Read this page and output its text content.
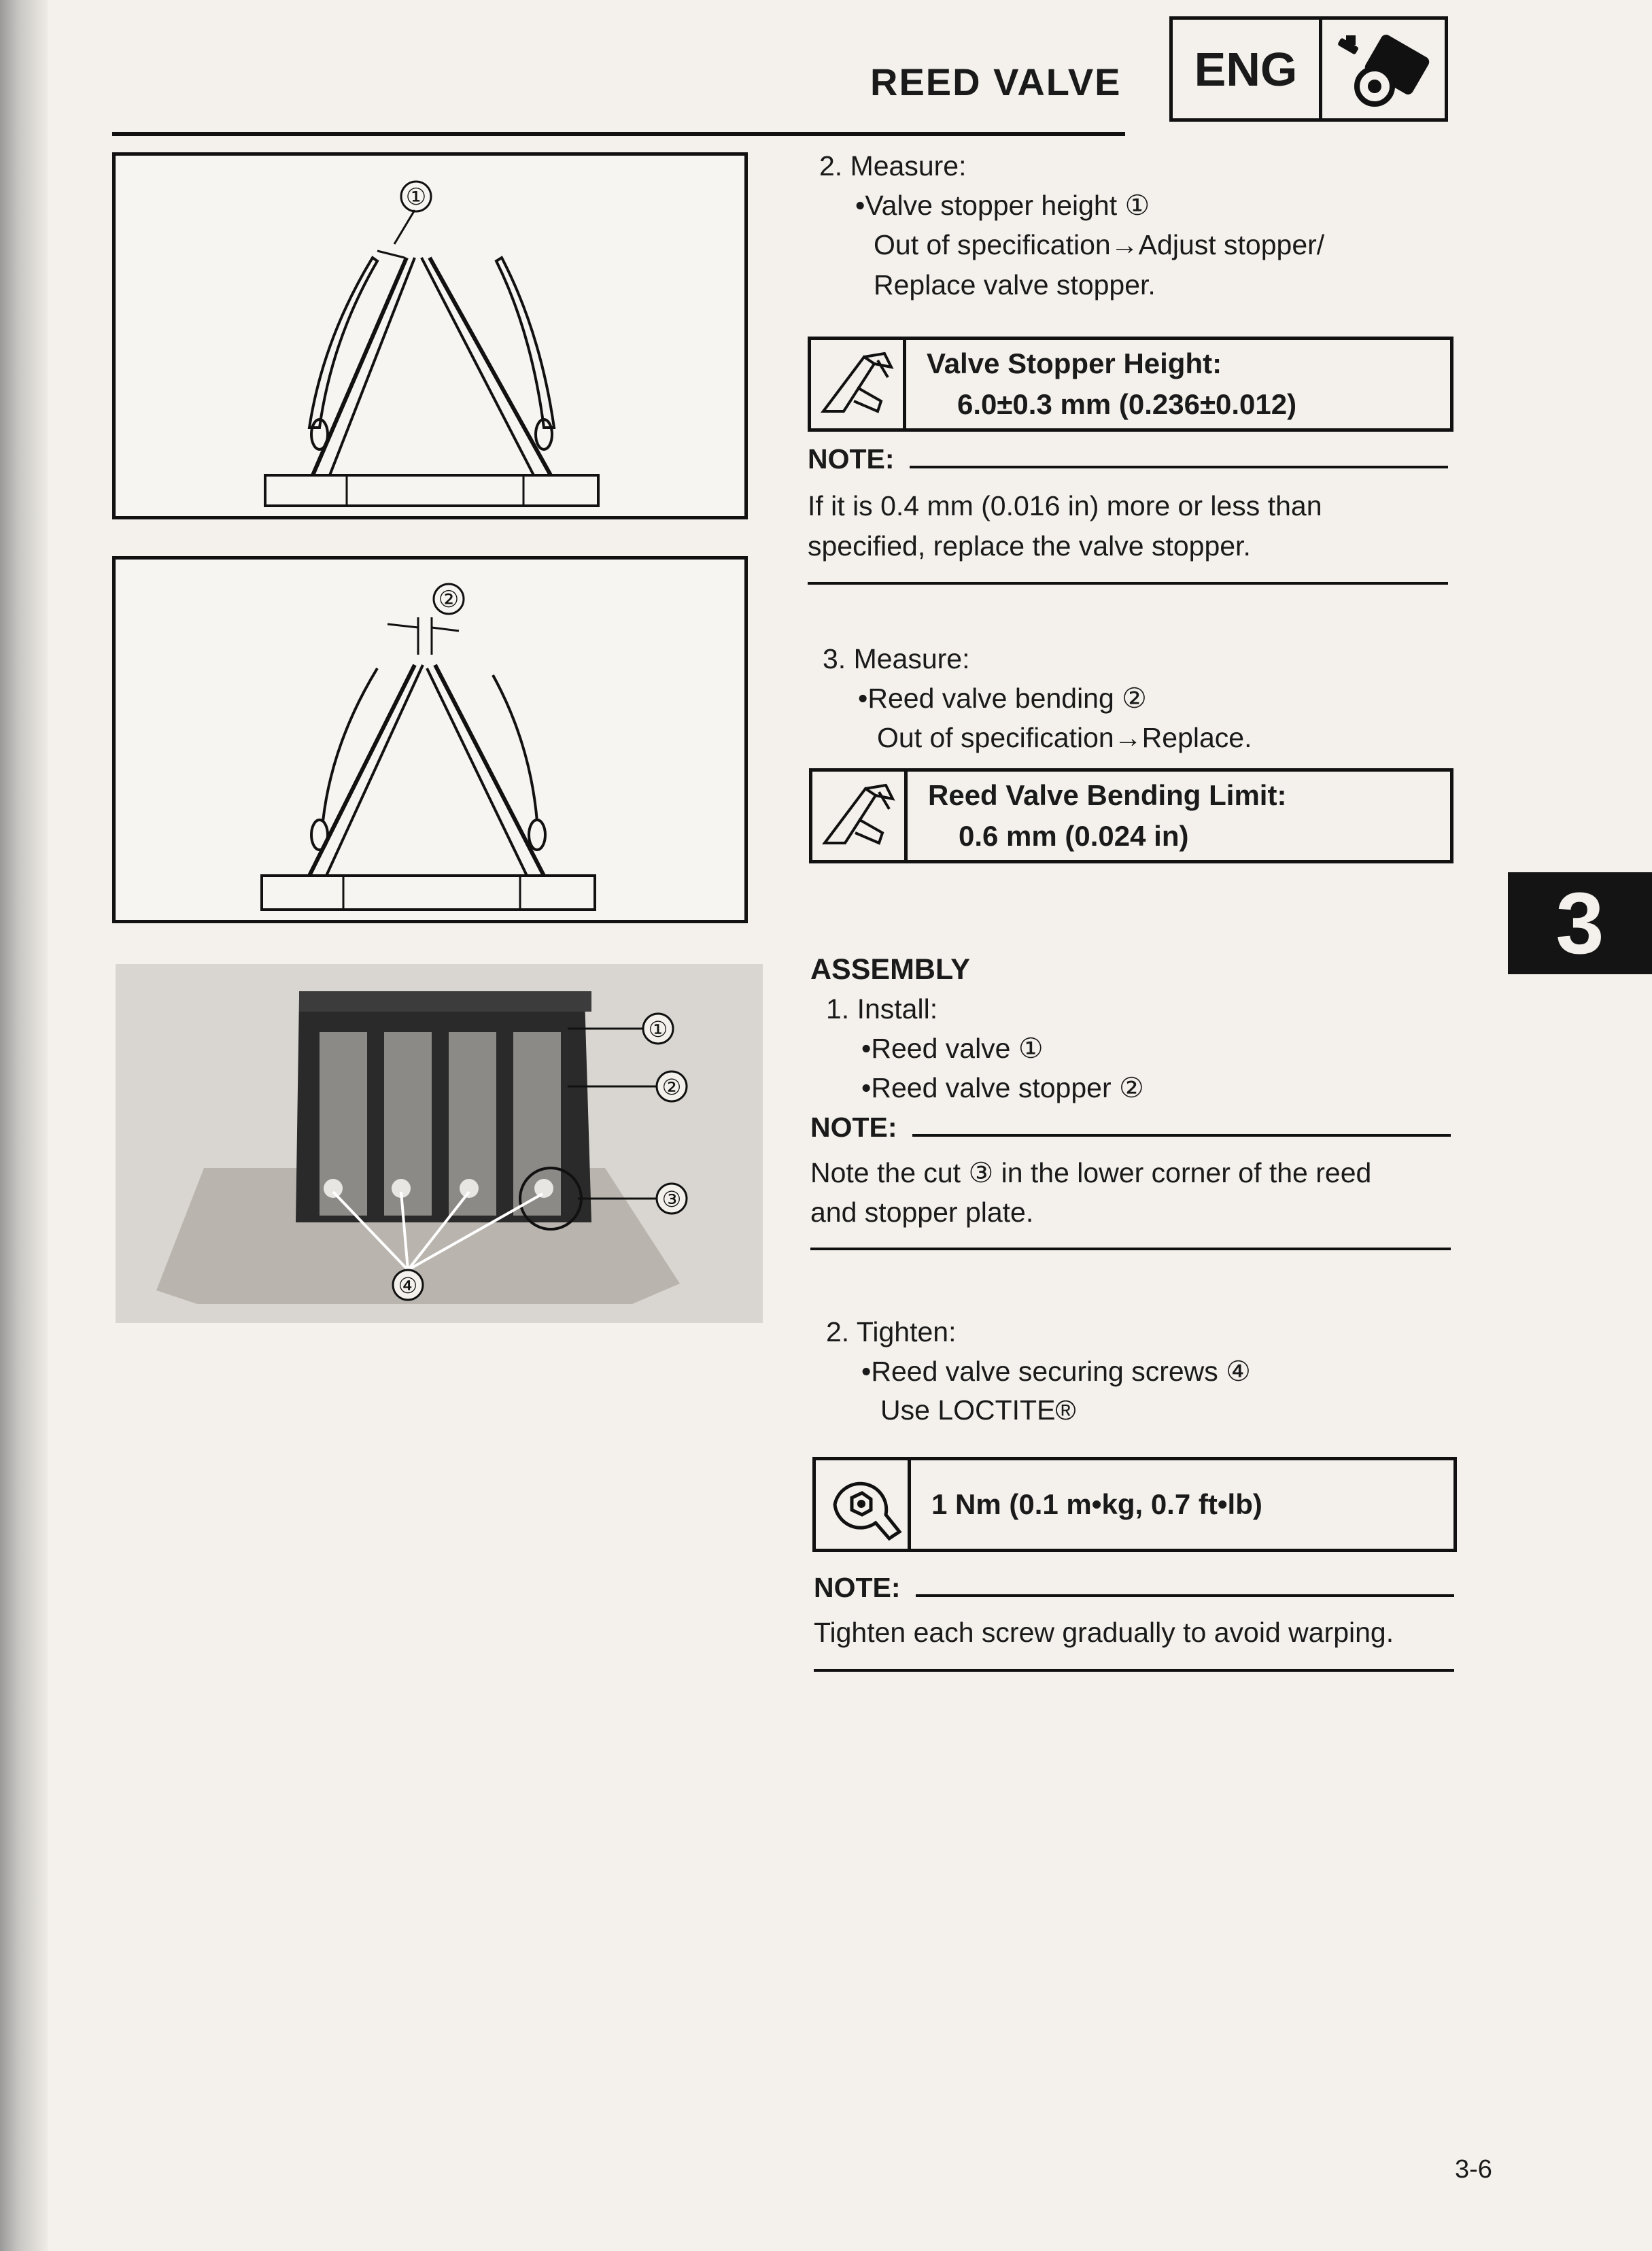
REED VALVE	ENG
①
②
①
②
③
④
2. Measure:
•Valve stopper height ①
Out of specification→Adjust stopper/
Replace valve stopper.
Valve Stopper Height:
6.0±0.3 mm (0.236±0.012)
NOTE:
If it is 0.4 mm (0.016 in) more or less than
specified, replace the valve stopper.
3. Measure:
•Reed valve bending ②
Out of specification→Replace.
Reed Valve Bending Limit:
0.6 mm (0.024 in)
3
ASSEMBLY
1. Install:
•Reed valve ①
•Reed valve stopper ②
NOTE:
Note the cut ③ in the lower corner of the reed
and stopper plate.
2. Tighten:
•Reed valve securing screws ④
Use LOCTITE®
1 Nm (0.1 m•kg, 0.7 ft•lb)
NOTE:
Tighten each screw gradually to avoid warping.
3-6
